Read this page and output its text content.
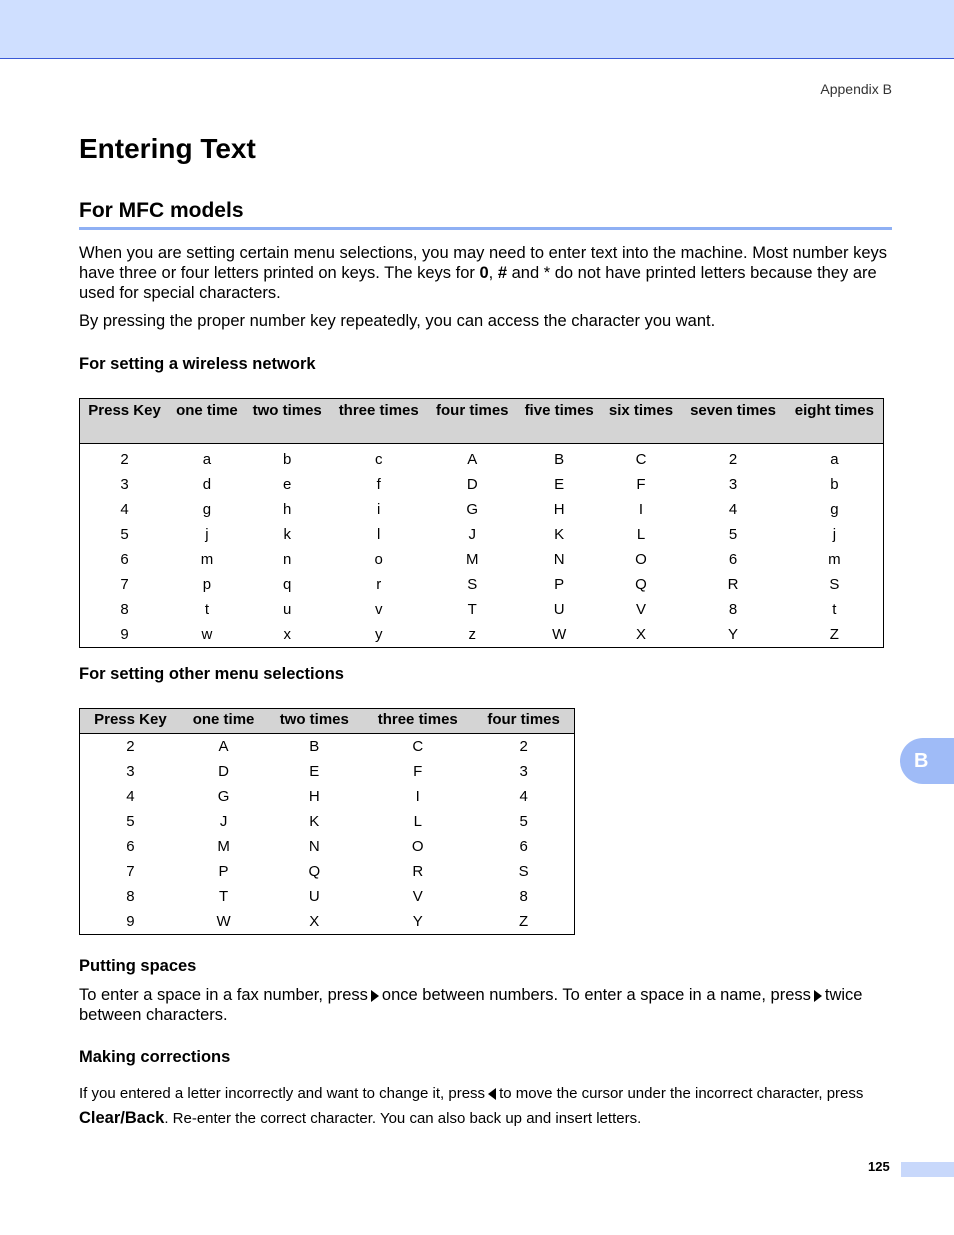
Appendix B
Entering Text
For MFC models

When you are setting certain menu selections, you may need to enter text into the machine. Most number keys have three or four letters printed on keys. The keys for 0, # and * do not have printed letters because they are used for special characters.

By pressing the proper number key repeatedly, you can access the character you want.

For setting a wireless network
Press Key	one time	two times	three times	four times	five times	six times	seven times	eight times
2	a	b	c	A	B	C	2	a
3	d	e	f	D	E	F	3	b
4	g	h	i	G	H	I	4	g
5	j	k	l	J	K	L	5	j
6	m	n	o	M	N	O	6	m
7	p	q	r	S	P	Q	R	S
8	t	u	v	T	U	V	8	t
9	w	x	y	z	W	X	Y	Z
For setting other menu selections
Press Key	one time	two times	three times	four times
2	A	B	C	2
3	D	E	F	3
4	G	H	I	4
5	J	K	L	5
6	M	N	O	6
7	P	Q	R	S
8	T	U	V	8
9	W	X	Y	Z
B
Putting spaces

To enter a space in a fax number, press once between numbers. To enter a space in a name, press twice between characters.

Making corrections

If you entered a letter incorrectly and want to change it, press to move the cursor under the incorrect character, press
Clear/Back. Re-enter the correct character. You can also back up and insert letters.

125
